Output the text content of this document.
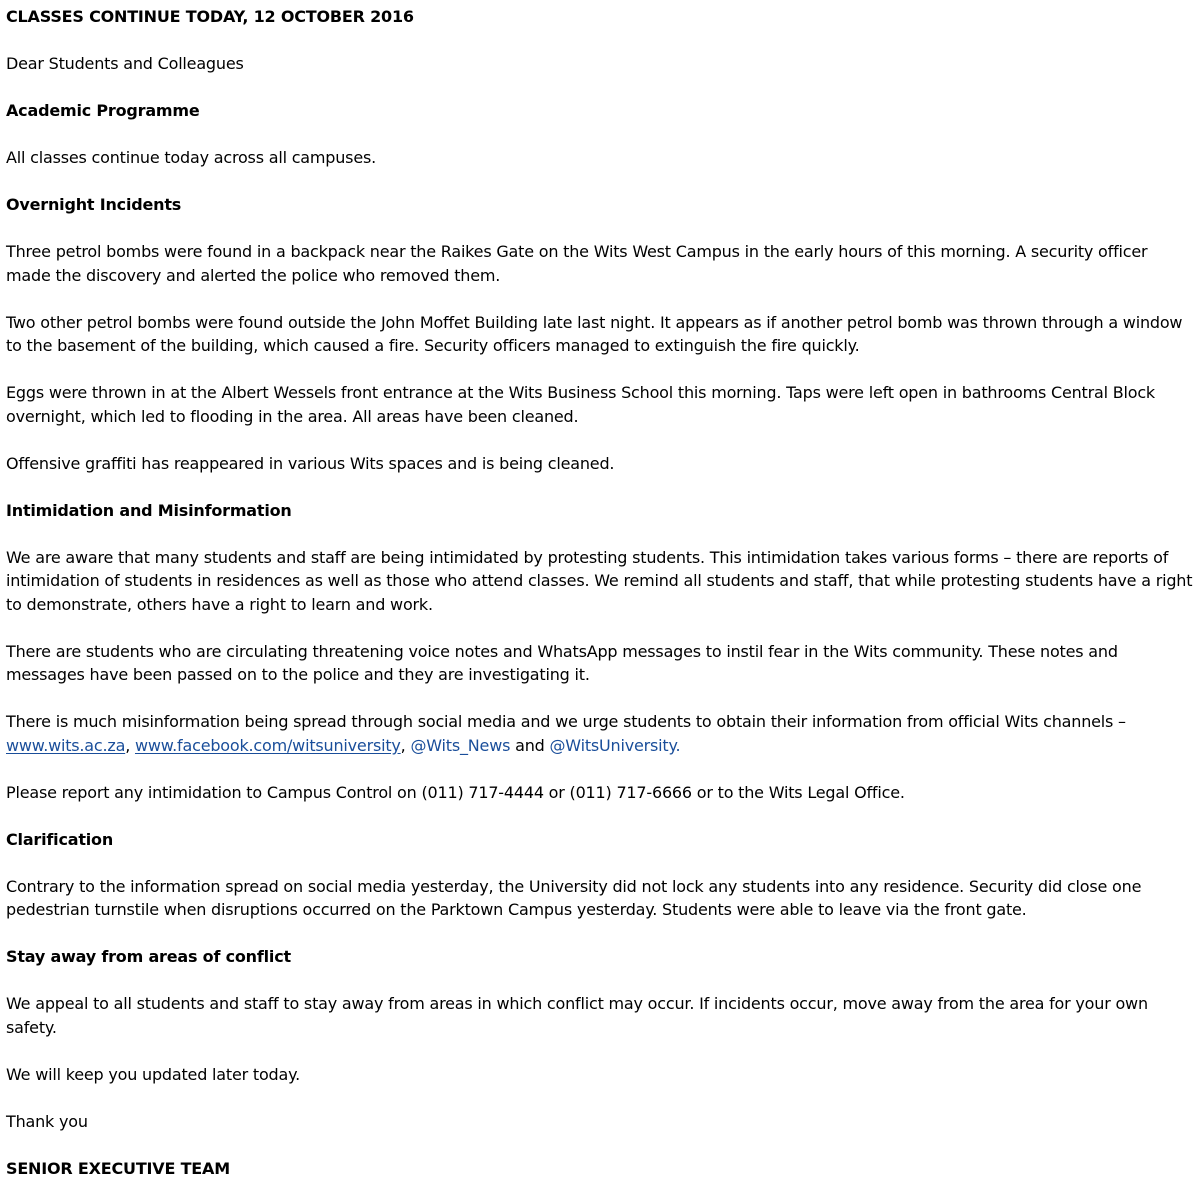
CLASSES CONTINUE TODAY, 12 OCTOBER 2016
Dear Students and Colleagues
Academic Programme
All classes continue today across all campuses.
Overnight Incidents
Three petrol bombs were found in a backpack near the Raikes Gate on the Wits West Campus in the early hours of this morning. A security officer made the discovery and alerted the police who removed them.
Two other petrol bombs were found outside the John Moffet Building late last night. It appears as if another petrol bomb was thrown through a window to the basement of the building, which caused a fire. Security officers managed to extinguish the fire quickly.
Eggs were thrown in at the Albert Wessels front entrance at the Wits Business School this morning. Taps were left open in bathrooms Central Block overnight, which led to flooding in the area. All areas have been cleaned.
Offensive graffiti has reappeared in various Wits spaces and is being cleaned.
Intimidation and Misinformation
We are aware that many students and staff are being intimidated by protesting students. This intimidation takes various forms – there are reports of intimidation of students in residences as well as those who attend classes. We remind all students and staff, that while protesting students have a right to demonstrate, others have a right to learn and work.
There are students who are circulating threatening voice notes and WhatsApp messages to instil fear in the Wits community. These notes and messages have been passed on to the police and they are investigating it.
There is much misinformation being spread through social media and we urge students to obtain their information from official Wits channels –
www.wits.ac.za, www.facebook.com/witsuniversity, @Wits_News and @WitsUniversity.
Please report any intimidation to Campus Control on (011) 717-4444 or (011) 717-6666 or to the Wits Legal Office.
Clarification
Contrary to the information spread on social media yesterday, the University did not lock any students into any residence. Security did close one pedestrian turnstile when disruptions occurred on the Parktown Campus yesterday. Students were able to leave via the front gate.
Stay away from areas of conflict
We appeal to all students and staff to stay away from areas in which conflict may occur. If incidents occur, move away from the area for your own safety.
We will keep you updated later today.
Thank you
SENIOR EXECUTIVE TEAM
